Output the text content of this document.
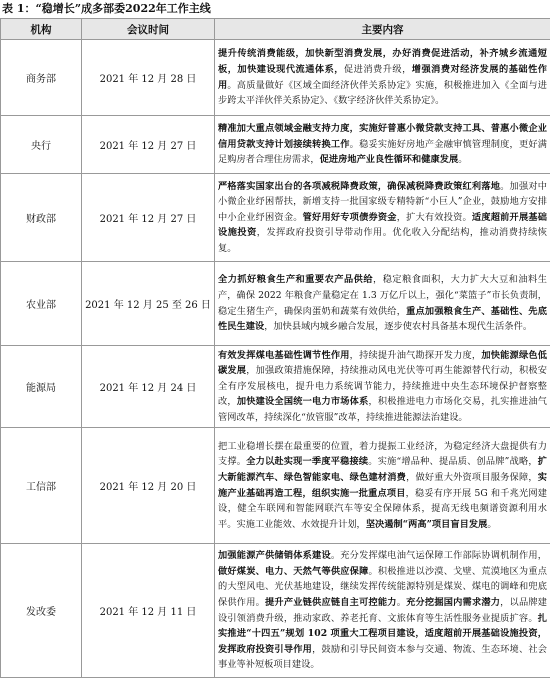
表 1：“稳增长”成多部委2022年工作主线
机构	会议时间	主要内容
商务部	2021 年 12 月 28 日	提升传统消费能级，加快新型消费发展，办好消费促进活动，补齐城乡流通短板，加快建设现代流通体系，促进消费升级，增强消费对经济发展的基础性作用。高质量做好《区域全面经济伙伴关系协定》实施，积极推进加入《全面与进步跨太平洋伙伴关系协定》、《数字经济伙伴关系协定》。
央行	2021 年 12 月 27 日	精准加大重点领域金融支持力度，实施好普惠小微贷款支持工具、普惠小微企业信用贷款支持计划接续转换工作。稳妥实施好房地产金融审慎管理制度，更好满足购房者合理住房需求，促进房地产业良性循环和健康发展。
财政部	2021 年 12 月 27 日	严格落实国家出台的各项减税降费政策，确保减税降费政策红利落地。加强对中小微企业纾困帮扶，新增支持一批国家级专精特新“小巨人”企业，鼓励地方安排中小企业纾困资金。管好用好专项债券资金，扩大有效投资。适度超前开展基础设施投资，发挥政府投资引导带动作用。优化收入分配结构，推动消费持续恢复。
农业部	2021 年 12 月 25 至 26 日	全力抓好粮食生产和重要农产品供给，稳定粮食面积，大力扩大大豆和油料生产，确保 2022 年粮食产量稳定在 1.3 万亿斤以上，强化“菜篮子”市长负责制，稳定生猪生产，确保肉蛋奶和蔬菜有效供给，重点加强粮食生产、基础性、先底性民生建设，加快县域内城乡融合发展，逐步使农村具备基本现代生活条件。
能源局	2021 年 12 月 24 日	有效发挥煤电基础性调节性作用，持续提升油气勘探开发力度，加快能源绿色低碳发展，加强政策措施保障，持续推动风电光伏等可再生能源替代行动，积极安全有序发展核电，提升电力系统调节能力，持续推进中央生态环境保护督察整改，加快建设全国统一电力市场体系，积极推进电力市场化交易，扎实推进油气管网改革，持续深化“放管服”改革，持续推进能源法治建设。
工信部	2021 年 12 月 20 日	把工业稳增长摆在最重要的位置，着力提振工业经济，为稳定经济大盘提供有力支撑。全力以赴实现一季度平稳接续。实施“增品种、提品质、创品牌”战略，扩大新能源汽车、绿色智能家电、绿色建材消费，做好重大外资项目服务保障，实施产业基础再造工程，组织实施一批重点项目，稳妥有序开展 5G 和千兆光网建设，健全车联网和智能网联汽车等安全保障体系，提高无线电频谱资源利用水平。实施工业能效、水效提升计划，坚决遏制“两高”项目盲目发展。
发改委	2021 年 12 月 11 日	加强能源产供储销体系建设。充分发挥煤电油气运保障工作部际协调机制作用，做好煤炭、电力、天然气等供应保障。积极推进以沙漠、戈壁、荒漠地区为重点的大型风电、光伏基地建设，继续发挥传统能源特别是煤炭、煤电的调峰和兜底保供作用。提升产业链供应链自主可控能力。充分挖掘国内需求潜力，以品牌建设引领消费升级，推动家政、养老托育、文旅体育等生活性服务业提质扩容。扎实推进“十四五”规划 102 项重大工程项目建设，适度超前开展基础设施投资，发挥政府投资引导作用，鼓励和引导民间资本参与交通、物流、生态环境、社会事业等补短板项目建设。
